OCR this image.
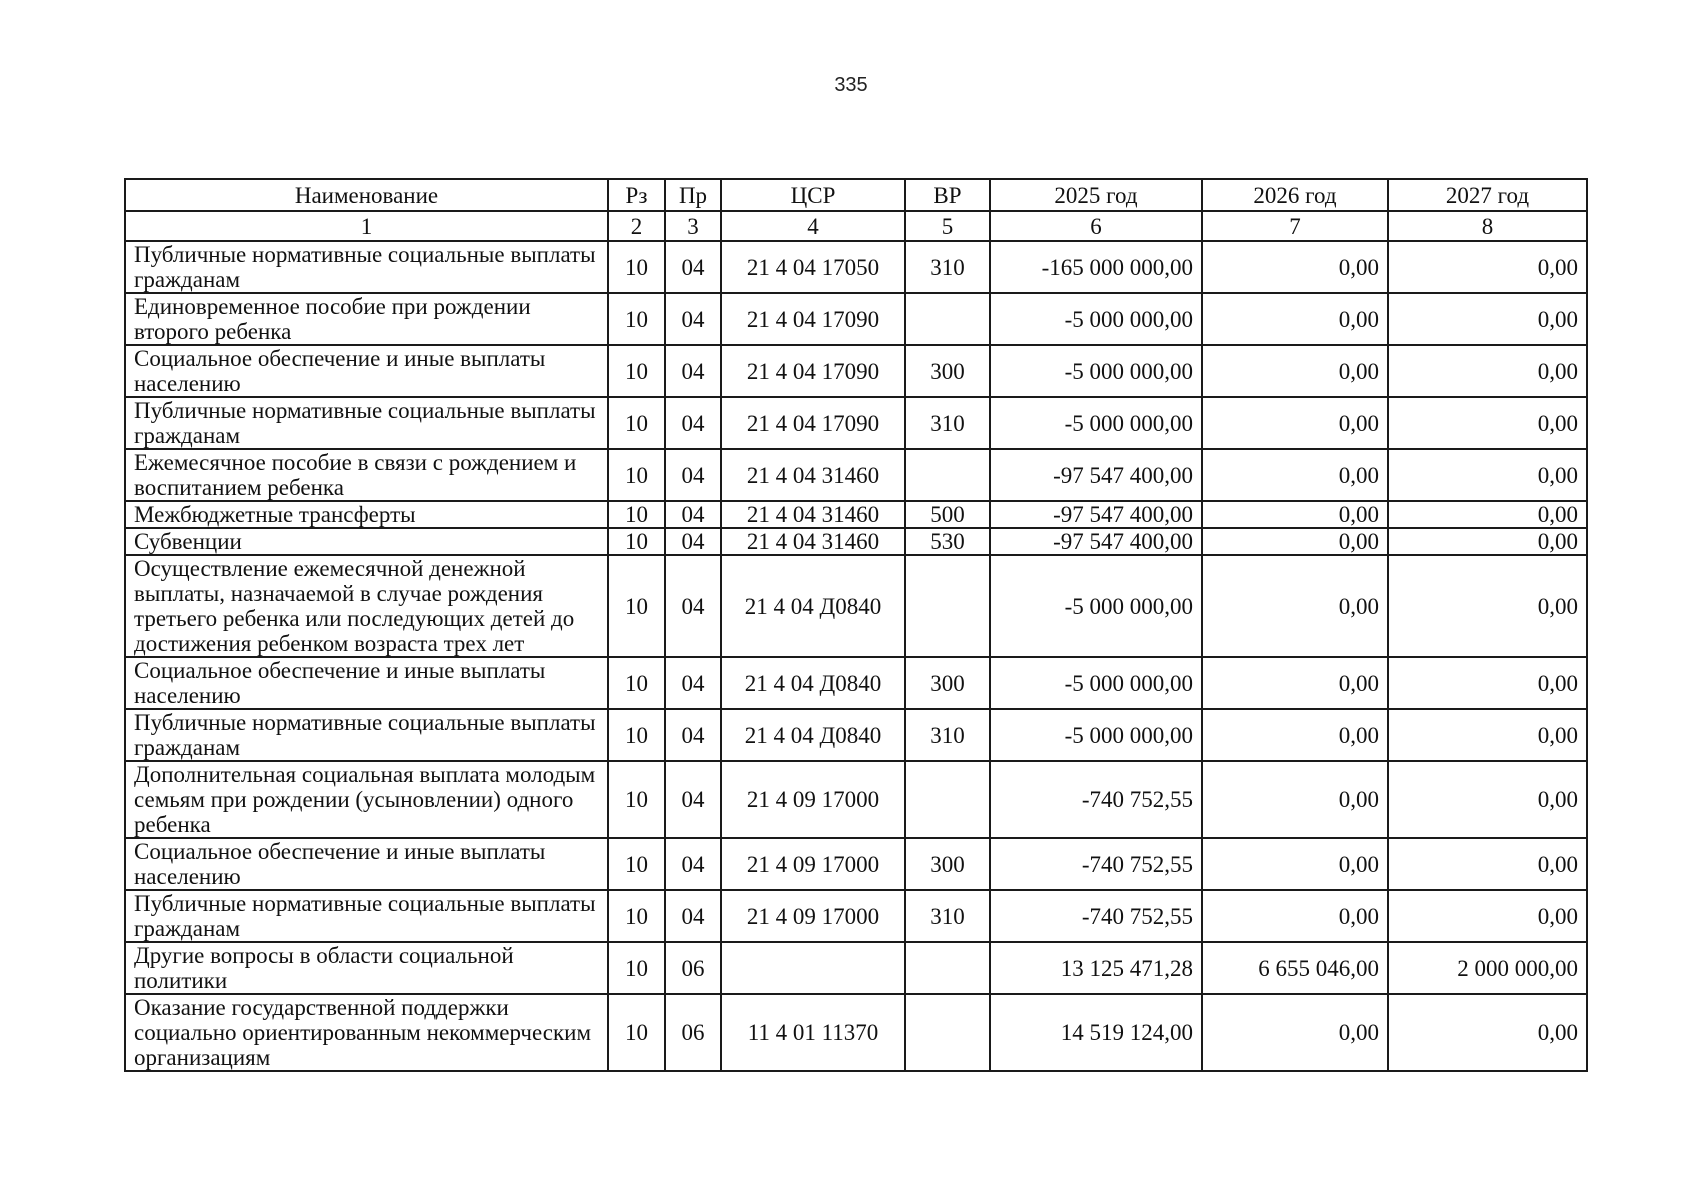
335
Наименование	Рз	Пр	ЦСР	ВР	2025 год	2026 год	2027 год
1	2	3	4	5	6	7	8
Публичные нормативные социальные выплаты гражданам	10	04	21 4 04 17050	310	-165 000 000,00	0,00	0,00
Единовременное пособие при рождении второго ребенка	10	04	21 4 04 17090		-5 000 000,00	0,00	0,00
Социальное обеспечение и иные выплаты населению	10	04	21 4 04 17090	300	-5 000 000,00	0,00	0,00
Публичные нормативные социальные выплаты гражданам	10	04	21 4 04 17090	310	-5 000 000,00	0,00	0,00
Ежемесячное пособие в связи с рождением и воспитанием ребенка	10	04	21 4 04 31460		-97 547 400,00	0,00	0,00
Межбюджетные трансферты	10	04	21 4 04 31460	500	-97 547 400,00	0,00	0,00
Субвенции	10	04	21 4 04 31460	530	-97 547 400,00	0,00	0,00
Осуществление ежемесячной денежной выплаты, назначаемой в случае рождения третьего ребенка или последующих детей до достижения ребенком возраста трех лет	10	04	21 4 04 Д0840		-5 000 000,00	0,00	0,00
Социальное обеспечение и иные выплаты населению	10	04	21 4 04 Д0840	300	-5 000 000,00	0,00	0,00
Публичные нормативные социальные выплаты гражданам	10	04	21 4 04 Д0840	310	-5 000 000,00	0,00	0,00
Дополнительная социальная выплата молодым семьям при рождении (усыновлении) одного ребенка	10	04	21 4 09 17000		-740 752,55	0,00	0,00
Социальное обеспечение и иные выплаты населению	10	04	21 4 09 17000	300	-740 752,55	0,00	0,00
Публичные нормативные социальные выплаты гражданам	10	04	21 4 09 17000	310	-740 752,55	0,00	0,00
Другие вопросы в области социальной политики	10	06			13 125 471,28	6 655 046,00	2 000 000,00
Оказание государственной поддержки социально ориентированным некоммерческим организациям	10	06	11 4 01 11370		14 519 124,00	0,00	0,00
